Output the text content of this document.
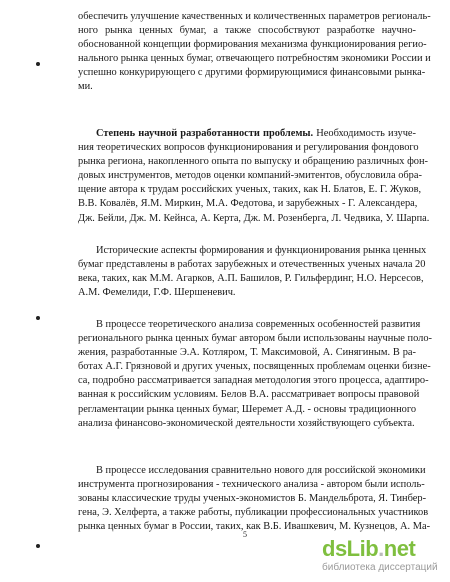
обеспечить улучшение качественных и количественных параметров региональ-
ного рынка ценных бумаг, а также способствуют разработке научно-
обоснованной концепции формирования механизма функционирования регио-
нального рынка ценных бумаг, отвечающего потребностям экономики России и
успешно конкурирующего с другими формирующимися финансовыми рынка-
ми.
Степень научной разработанности проблемы. Необходимость изуче-
ния теоретических вопросов функционирования и регулирования фондового
рынка региона, накопленного опыта по выпуску и обращению различных фон-
довых инструментов, методов оценки компаний-эмитентов, обусловила обра-
щение автора к трудам российских ученых, таких, как Н. Блатов, Е. Г. Жуков,
В.В. Ковалёв, Я.М. Миркин, М.А. Федотова, и зарубежных - Г. Александера,
Дж. Бейли, Дж. М. Кейнса, А. Керта, Дж. М. Розенберга, Л. Чедвика, У. Шарпа.
Исторические аспекты формирования и функционирования рынка ценных
бумаг представлены в работах зарубежных и отечественных ученых начала 20
века, таких, как М.М. Агарков, А.П. Башилов, Р. Гильфердинг, Н.О. Нерсесов,
А.М. Фемелиди, Г.Ф. Шершеневич.
В процессе теоретического анализа современных особенностей развития
регионального рынка ценных бумаг автором были использованы научные поло-
жения, разработанные Э.А. Котляром, Т. Максимовой, А. Синягиным. В ра-
ботах А.Г. Грязновой и других ученых, посвященных проблемам оценки бизне-
са, подробно рассматривается западная методология этого процесса, адаптиро-
ванная к российским условиям. Белов В.А. рассматривает вопросы правовой
регламентации рынка ценных бумаг, Шеремет А.Д. - основы традиционного
анализа финансово-экономической деятельности хозяйствующего субъекта.
В процессе исследования сравнительно нового для российской экономики
инструмента прогнозирования - технического анализа - автором были исполь-
зованы классические труды ученых-экономистов Б. Мандельброта, Я. Тинбер-
гена, Э. Хелферта, а также работы, публикации профессиональных участников
рынка ценных бумаг в России, таких, как В.Б. Ивашкевич, М. Кузнецов, А. Ма-
5
dsLib.net
библиотека диссертаций
